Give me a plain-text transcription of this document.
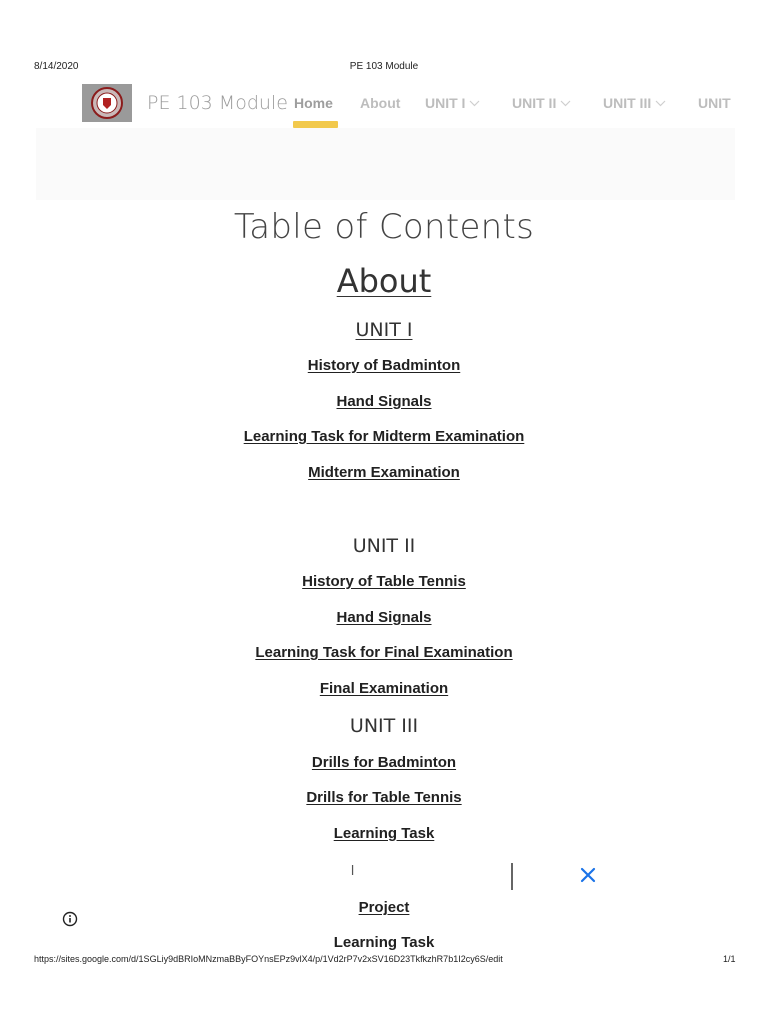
8/14/2020	PE 103 Module
PE 103 Module Home About UNIT I	UNIT II	UNIT III	UNIT
Table of Contents
About
UNIT I
History of Badminton
Hand Signals
Learning Task for Midterm Examination
Midterm Examination
UNIT II
History of Table Tennis
Hand Signals
Learning Task for Final Examination
Final Examination
UNIT III
Drills for Badminton
Drills for Table Tennis
Learning Task
l
Project
Learning Task
https://sites.google.com/d/1SGLiy9dBRIoMNzmaBByFOYnsEPz9vlX4/p/1Vd2rP7v2xSV16D23TkfkzhR7b1I2cy6S/edit	1/1
